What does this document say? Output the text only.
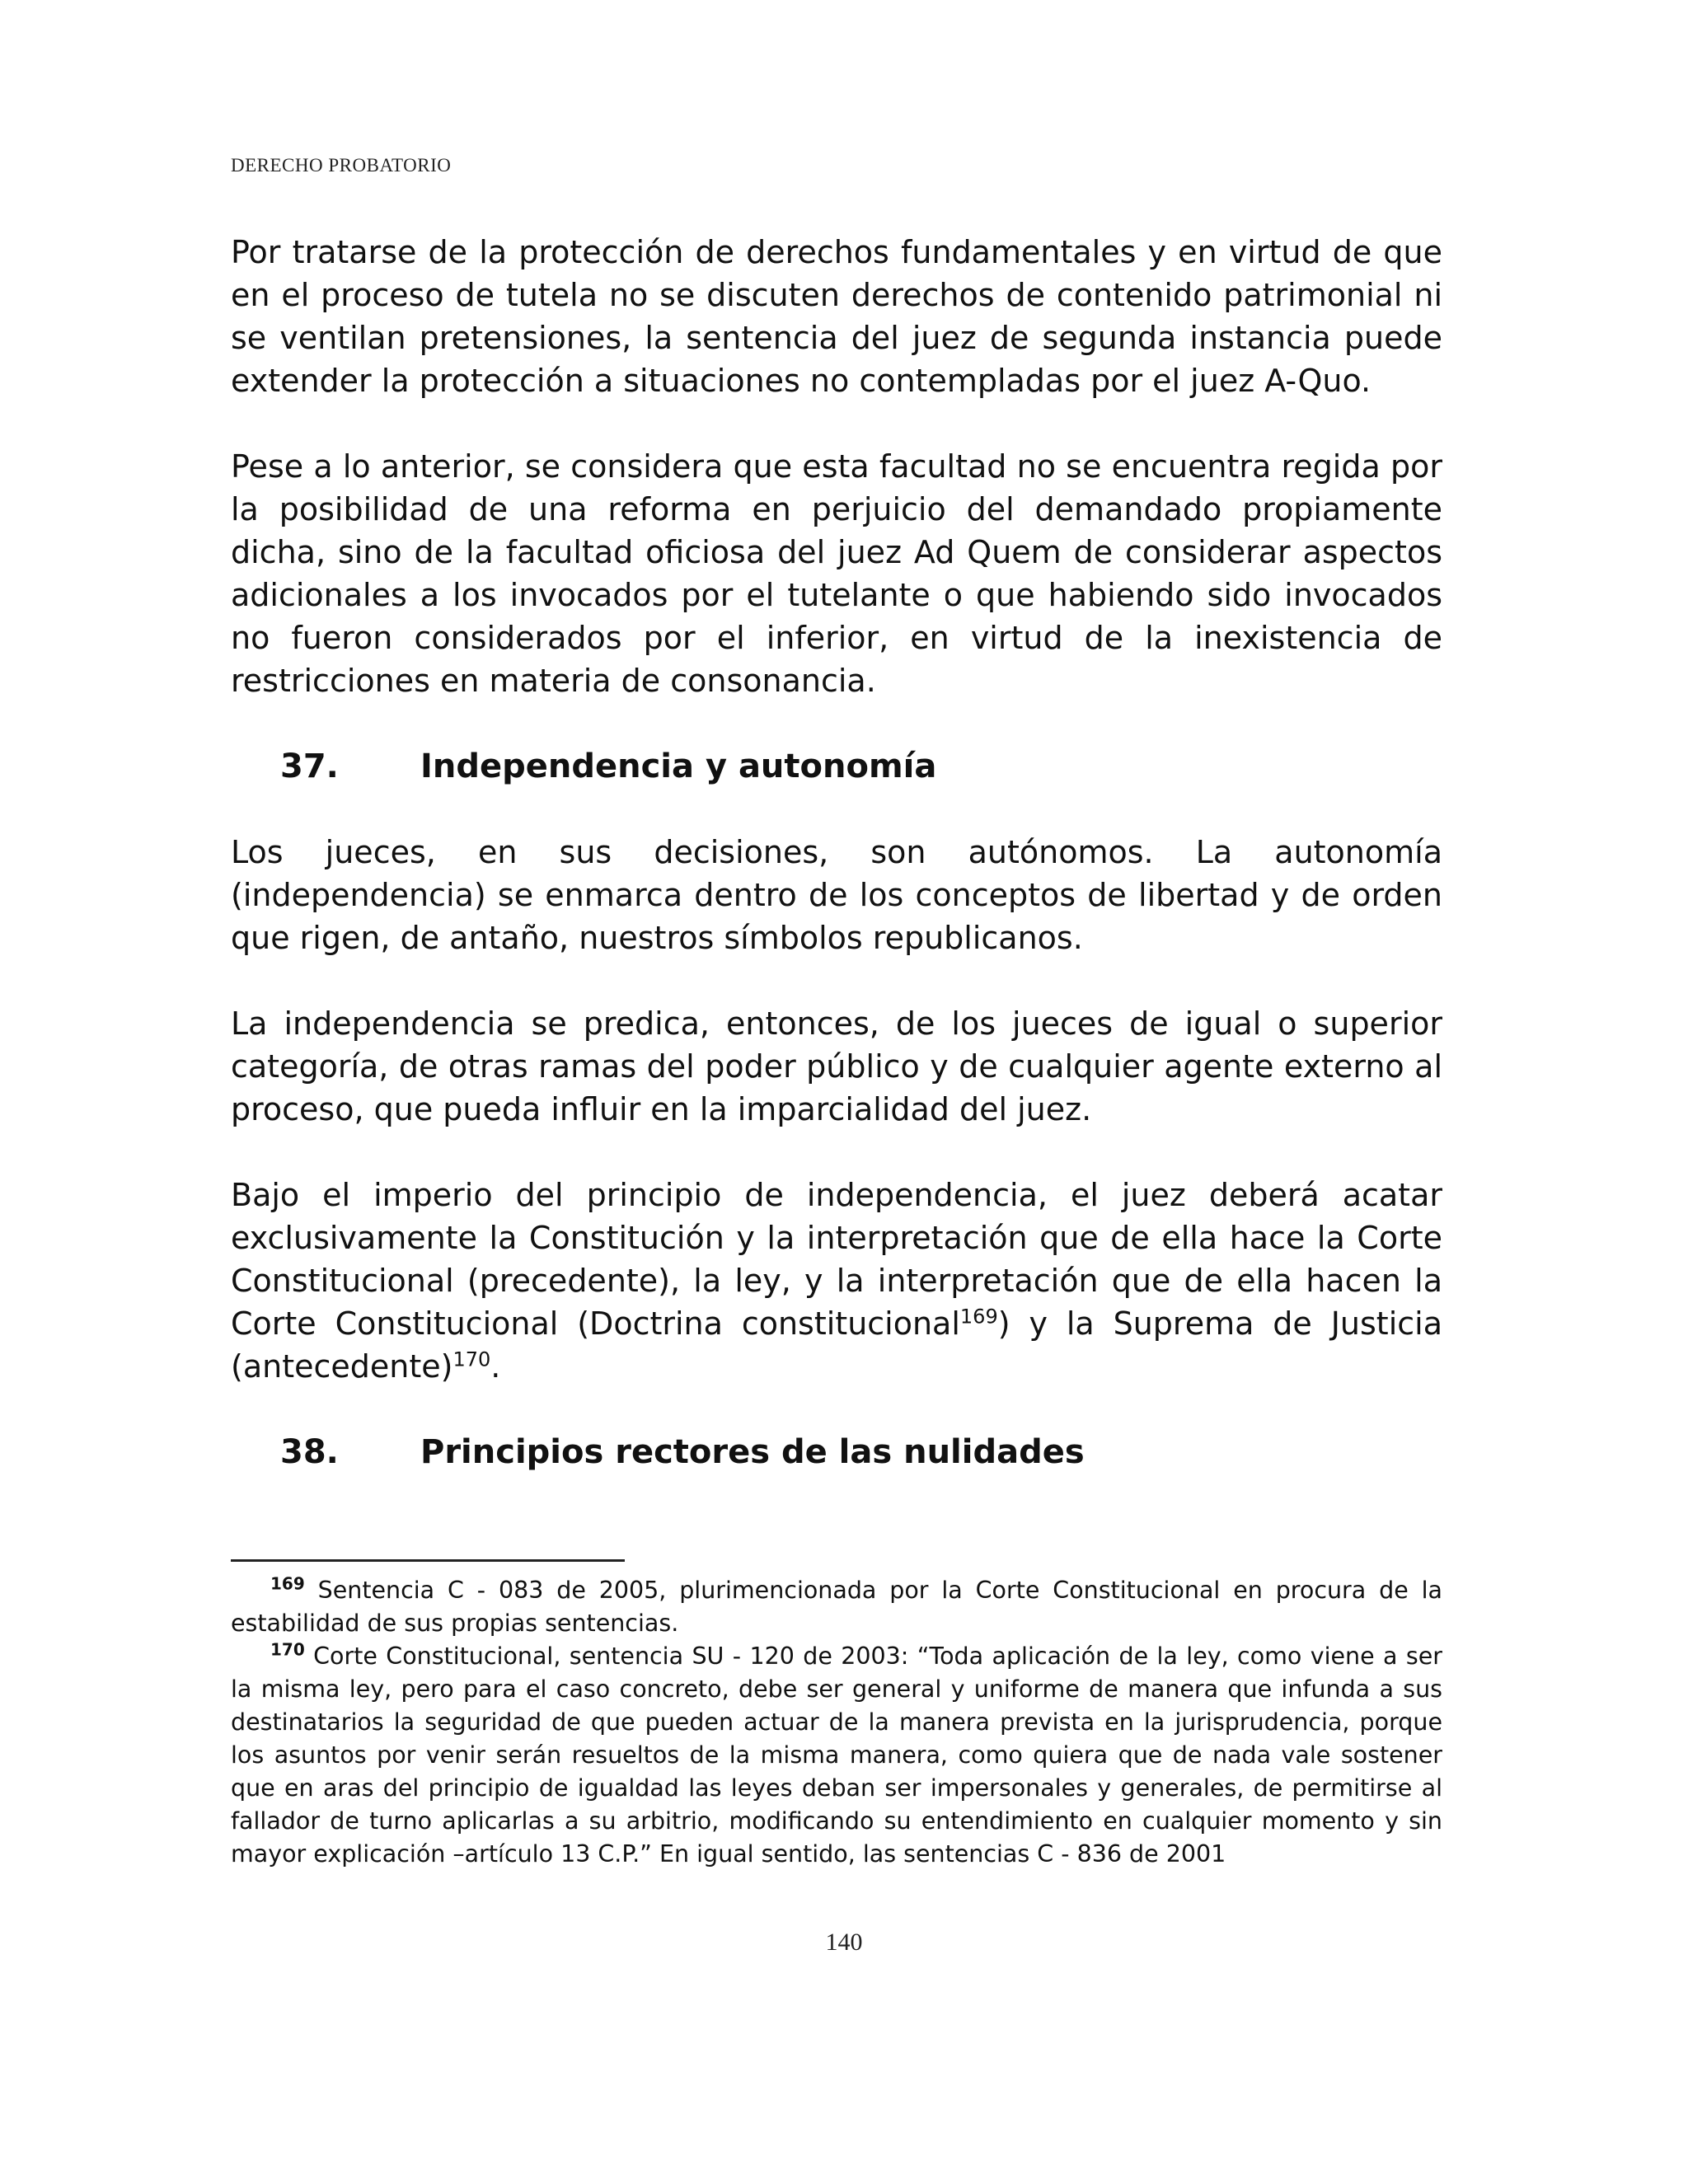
DERECHO PROBATORIO

Por tratarse de la protección de derechos fundamentales y en virtud de que en el proceso de tutela no se discuten derechos de contenido patrimonial ni se ventilan pretensiones, la sentencia del juez de segunda instancia puede extender la protección a situaciones no contempladas por el juez A-Quo.

Pese a lo anterior, se considera que esta facultad no se encuentra regida por la posibilidad de una reforma en perjuicio del demandado propiamente dicha, sino de la facultad oficiosa del juez Ad Quem de considerar aspectos adicionales a los invocados por el tutelante o que habiendo sido invocados no fueron considerados por el inferior, en virtud de la inexistencia de restricciones en materia de consonancia.

37.	Independencia y autonomía

Los jueces, en sus decisiones, son autónomos. La autonomía (independencia) se enmarca dentro de los conceptos de libertad y de orden que rigen, de antaño, nuestros símbolos republicanos.

La independencia se predica, entonces, de los jueces de igual o superior categoría, de otras ramas del poder público y de cualquier agente externo al proceso, que pueda influir en la imparcialidad del juez.

Bajo el imperio del principio de independencia, el juez deberá acatar exclusivamente la Constitución y la interpretación que de ella hace la Corte Constitucional (precedente), la ley, y la interpretación que de ella hacen la Corte Constitucional (Doctrina constitucional$^{169}$) y la Suprema de Justicia (antecedente)$^{170}$.

38.	Principios rectores de las nulidades

$^{169}$ Sentencia C - 083 de 2005, plurimencionada por la Corte Constitucional en procura de la estabilidad de sus propias sentencias.

$^{170}$ Corte Constitucional, sentencia SU - 120 de 2003: “Toda aplicación de la ley, como viene a ser la misma ley, pero para el caso concreto, debe ser general y uniforme de manera que infunda a sus destinatarios la seguridad de que pueden actuar de la manera prevista en la jurisprudencia, porque los asuntos por venir serán resueltos de la misma manera, como quiera que de nada vale sostener que en aras del principio de igualdad las leyes deban ser impersonales y generales, de permitirse al fallador de turno aplicarlas a su arbitrio, modificando su entendimiento en cualquier momento y sin mayor explicación –artículo 13 C.P.” En igual sentido, las sentencias C - 836 de 2001

140
